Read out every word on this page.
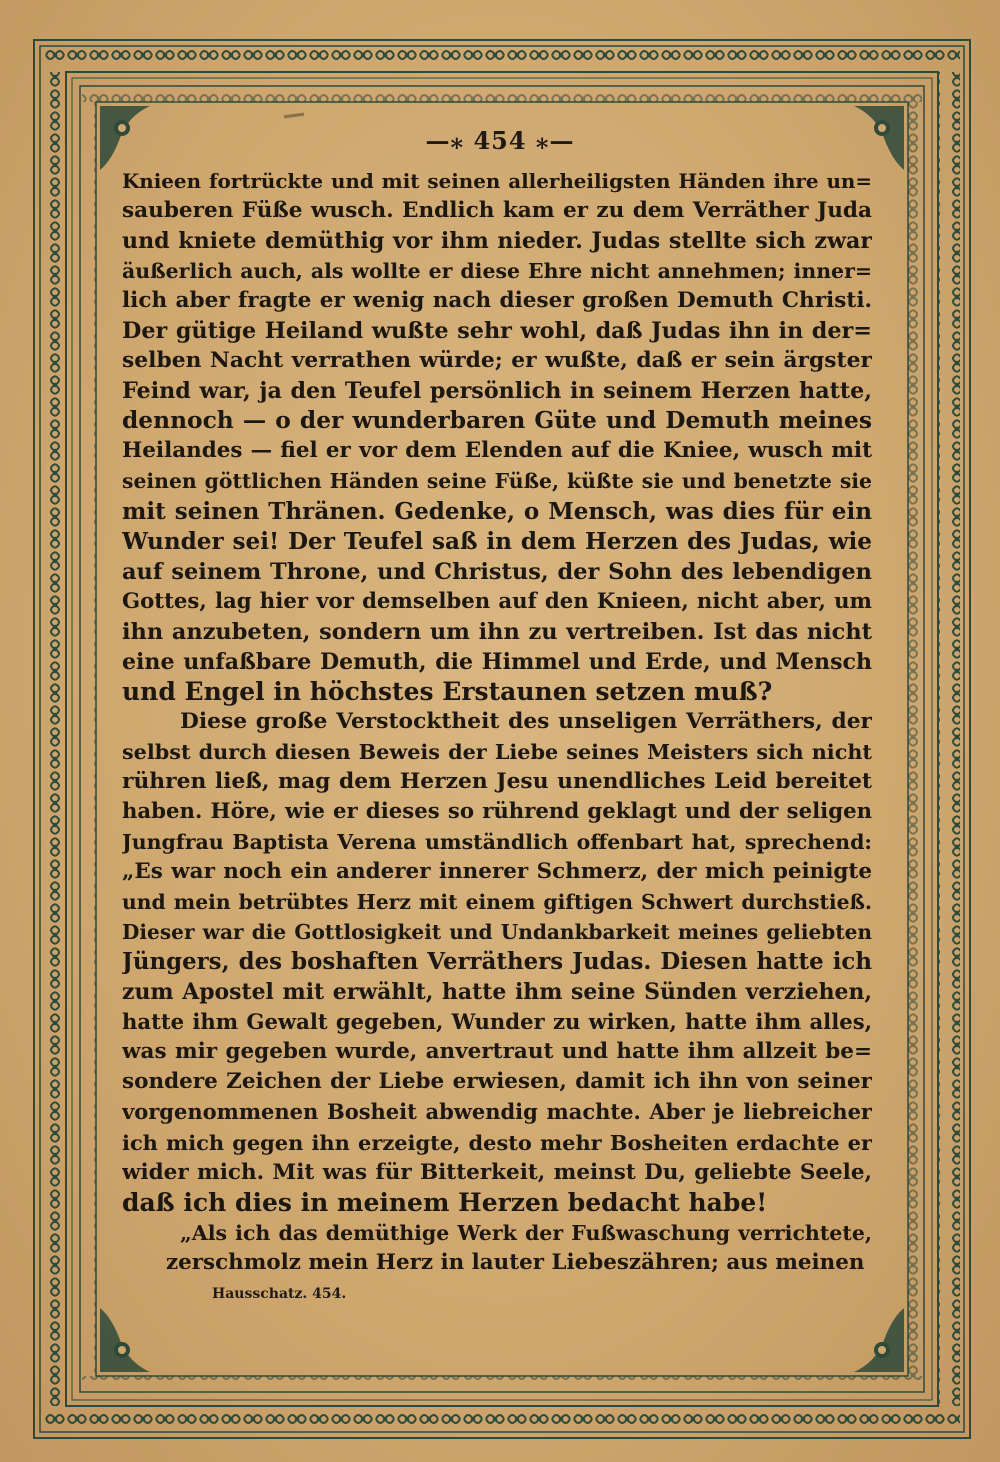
—⁎ 454 ⁎—
Knieen fortrückte und mit seinen allerheiligsten Händen ihre un=
sauberen Füße wusch. Endlich kam er zu dem Verräther Juda
und kniete demüthig vor ihm nieder. Judas stellte sich zwar
äußerlich auch, als wollte er diese Ehre nicht annehmen; inner=
lich aber fragte er wenig nach dieser großen Demuth Christi.
Der gütige Heiland wußte sehr wohl, daß Judas ihn in der=
selben Nacht verrathen würde; er wußte, daß er sein ärgster
Feind war, ja den Teufel persönlich in seinem Herzen hatte,
dennoch — o der wunderbaren Güte und Demuth meines
Heilandes — fiel er vor dem Elenden auf die Kniee, wusch mit
seinen göttlichen Händen seine Füße, küßte sie und benetzte sie
mit seinen Thränen. Gedenke, o Mensch, was dies für ein
Wunder sei! Der Teufel saß in dem Herzen des Judas, wie
auf seinem Throne, und Christus, der Sohn des lebendigen
Gottes, lag hier vor demselben auf den Knieen, nicht aber, um
ihn anzubeten, sondern um ihn zu vertreiben. Ist das nicht
eine unfaßbare Demuth, die Himmel und Erde, und Mensch
und Engel in höchstes Erstaunen setzen muß?
Diese große Verstocktheit des unseligen Verräthers, der
selbst durch diesen Beweis der Liebe seines Meisters sich nicht
rühren ließ, mag dem Herzen Jesu unendliches Leid bereitet
haben. Höre, wie er dieses so rührend geklagt und der seligen
Jungfrau Baptista Verena umständlich offenbart hat, sprechend:
„Es war noch ein anderer innerer Schmerz, der mich peinigte
und mein betrübtes Herz mit einem giftigen Schwert durchstieß.
Dieser war die Gottlosigkeit und Undankbarkeit meines geliebten
Jüngers, des boshaften Verräthers Judas. Diesen hatte ich
zum Apostel mit erwählt, hatte ihm seine Sünden verziehen,
hatte ihm Gewalt gegeben, Wunder zu wirken, hatte ihm alles,
was mir gegeben wurde, anvertraut und hatte ihm allzeit be=
sondere Zeichen der Liebe erwiesen, damit ich ihn von seiner
vorgenommenen Bosheit abwendig machte. Aber je liebreicher
ich mich gegen ihn erzeigte, desto mehr Bosheiten erdachte er
wider mich. Mit was für Bitterkeit, meinst Du, geliebte Seele,
daß ich dies in meinem Herzen bedacht habe!
„Als ich das demüthige Werk der Fußwaschung verrichtete,
zerschmolz mein Herz in lauter Liebeszähren; aus meinen
Hausschatz. 454.
